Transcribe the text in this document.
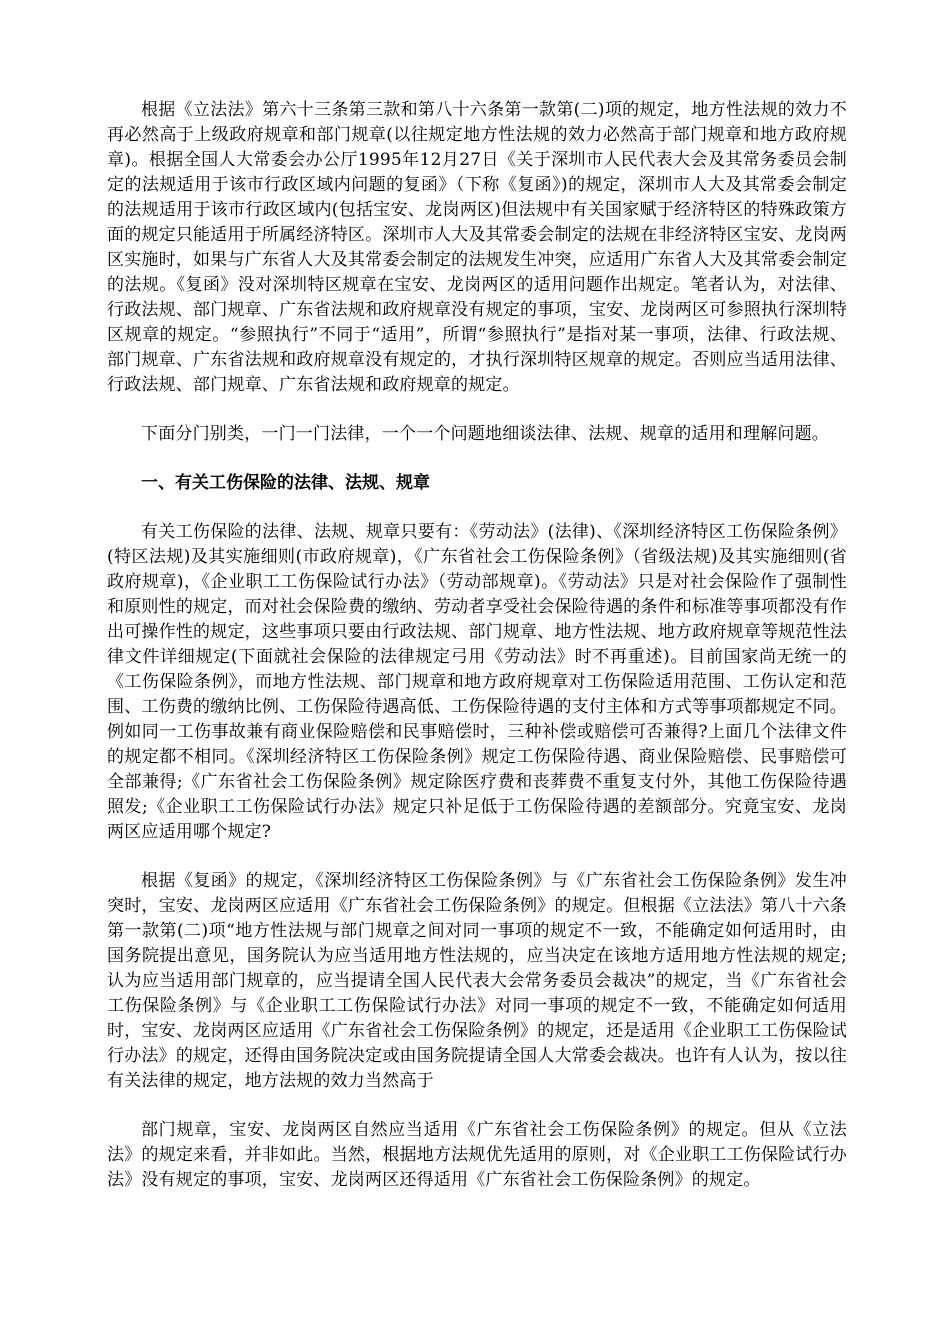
根据《立法法》第六十三条第三款和第八十六条第一款第(二)项的规定，地方性法规的效力不再必然高于上级政府规章和部门规章(以往规定地方性法规的效力必然高于部门规章和地方政府规章)。根据全国人大常委会办公厅1995年12月27日《关于深圳市人民代表大会及其常务委员会制定的法规适用于该市行政区域内问题的复函》（下称《复函》)的规定，深圳市人大及其常委会制定的法规适用于该市行政区域内(包括宝安、龙岗两区)但法规中有关国家赋于经济特区的特殊政策方面的规定只能适用于所属经济特区。深圳市人大及其常委会制定的法规在非经济特区宝安、龙岗两区实施时，如果与广东省人大及其常委会制定的法规发生冲突，应适用广东省人大及其常委会制定的法规。《复函》没对深圳特区规章在宝安、龙岗两区的适用问题作出规定。笔者认为，对法律、行政法规、部门规章、广东省法规和政府规章没有规定的事项，宝安、龙岗两区可参照执行深圳特区规章的规定。“参照执行”不同于“适用”，所谓“参照执行”是指对某一事项，法律、行政法规、部门规章、广东省法规和政府规章没有规定的，才执行深圳特区规章的规定。否则应当适用法律、行政法规、部门规章、广东省法规和政府规章的规定。

下面分门别类，一门一门法律，一个一个问题地细谈法律、法规、规章的适用和理解问题。

一、有关工伤保险的法律、法规、规章

有关工伤保险的法律、法规、规章只要有：《劳动法》(法律)、《深圳经济特区工伤保险条例》(特区法规)及其实施细则(市政府规章)，《广东省社会工伤保险条例》（省级法规)及其实施细则(省政府规章)，《企业职工工伤保险试行办法》（劳动部规章)。《劳动法》只是对社会保险作了强制性和原则性的规定，而对社会保险费的缴纳、劳动者享受社会保险待遇的条件和标准等事项都没有作出可操作性的规定，这些事项只要由行政法规、部门规章、地方性法规、地方政府规章等规范性法律文件详细规定(下面就社会保险的法律规定弓用《劳动法》时不再重述)。目前国家尚无统一的《工伤保险条例》，而地方性法规、部门规章和地方政府规章对工伤保险适用范围、工伤认定和范围、工伤费的缴纳比例、工伤保险待遇高低、工伤保险待遇的支付主体和方式等事项都规定不同。例如同一工伤事故兼有商业保险赔偿和民事赔偿时，三种补偿或赔偿可否兼得?上面几个法律文件的规定都不相同。《深圳经济特区工伤保险条例》规定工伤保险待遇、商业保险赔偿、民事赔偿可全部兼得;《广东省社会工伤保险条例》规定除医疗费和丧葬费不重复支付外，其他工伤保险待遇照发;《企业职工工伤保险试行办法》规定只补足低于工伤保险待遇的差额部分。究竟宝安、龙岗两区应适用哪个规定?

根据《复函》的规定，《深圳经济特区工伤保险条例》与《广东省社会工伤保险条例》发生冲突时，宝安、龙岗两区应适用《广东省社会工伤保险条例》的规定。但根据《立法法》第八十六条第一款第(二)项“地方性法规与部门规章之间对同一事项的规定不一致，不能确定如何适用时，由国务院提出意见，国务院认为应当适用地方性法规的，应当决定在该地方适用地方性法规的规定;认为应当适用部门规章的，应当提请全国人民代表大会常务委员会裁决”的规定，当《广东省社会工伤保险条例》与《企业职工工伤保险试行办法》对同一事项的规定不一致，不能确定如何适用时，宝安、龙岗两区应适用《广东省社会工伤保险条例》的规定，还是适用《企业职工工伤保险试行办法》的规定，还得由国务院决定或由国务院提请全国人大常委会裁决。也许有人认为，按以往有关法律的规定，地方法规的效力当然高于

部门规章，宝安、龙岗两区自然应当适用《广东省社会工伤保险条例》的规定。但从《立法法》的规定来看，并非如此。当然，根据地方法规优先适用的原则，对《企业职工工伤保险试行办法》没有规定的事项，宝安、龙岗两区还得适用《广东省社会工伤保险条例》的规定。
